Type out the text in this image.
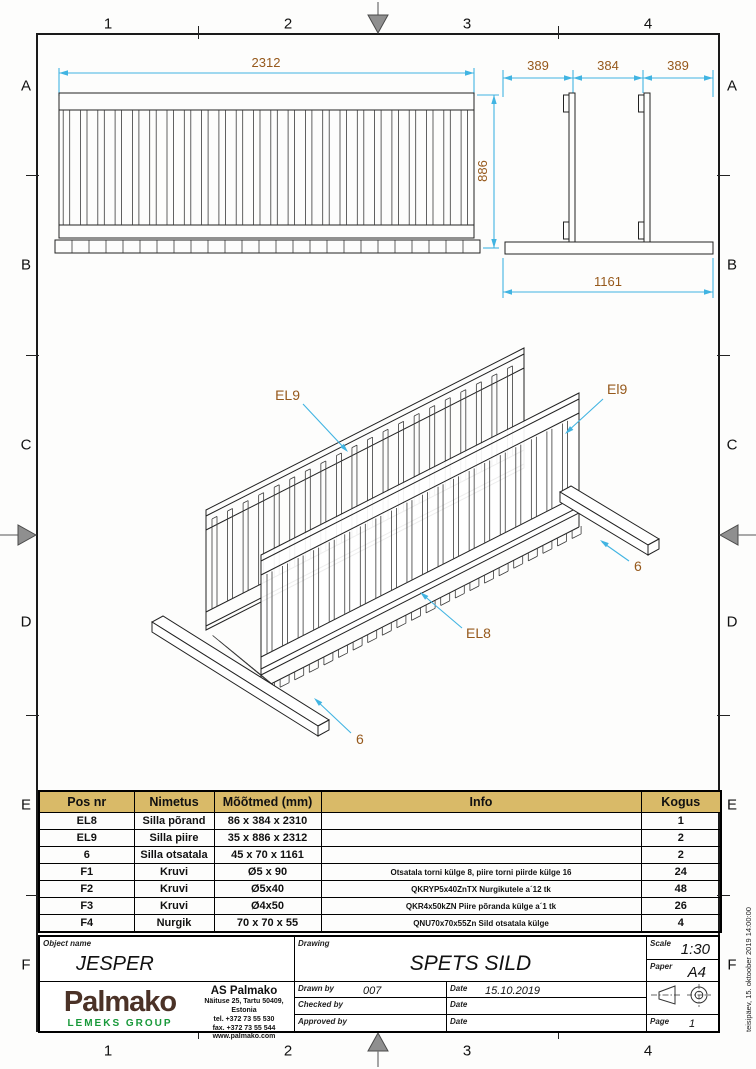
1	2	3	4
1	2	3	4
A
B
C
D
E
F
A
B
C
D
E
F
2312
886
389	384	389
1161
EL9	El9
EL8
6
6
Pos nr	Nimetus	Mõõtmed (mm)	Info	Kogus
EL8	Silla põrand	86 x 384 x 2310		1
EL9	Silla piire	35 x 886 x 2312		2
6	Silla otsatala	45 x 70 x 1161		2
F1	Kruvi	Ø5 x 90	Otsatala torni külge 8, piire torni piirde külge 16	24
F2	Kruvi	Ø5x40	QKRYP5x40ZnTX Nurgikutele a´12 tk	48
F3	Kruvi	Ø4x50	QKR4x50kZN Piire põranda külge a´1 tk	26
F4	Nurgik	70 x 70 x 55	QNU70x70x55Zn Sild otsatala külge	4
Object name
JESPER
Drawing
SPETS SILD
Scale 1:30
Paper A4
Palmako
LEMEKS GROUP
AS Palmako
Näituse 25, Tartu 50409, Estonia
tel. +372 73 55 530
fax. +372 73 55 544
www.palmako.com
Drawn by	007
Checked by
Approved by
Date 15.10.2019
Date
Date	Page 1	teisipäev, 15. oktoober 2019 14:00:00
